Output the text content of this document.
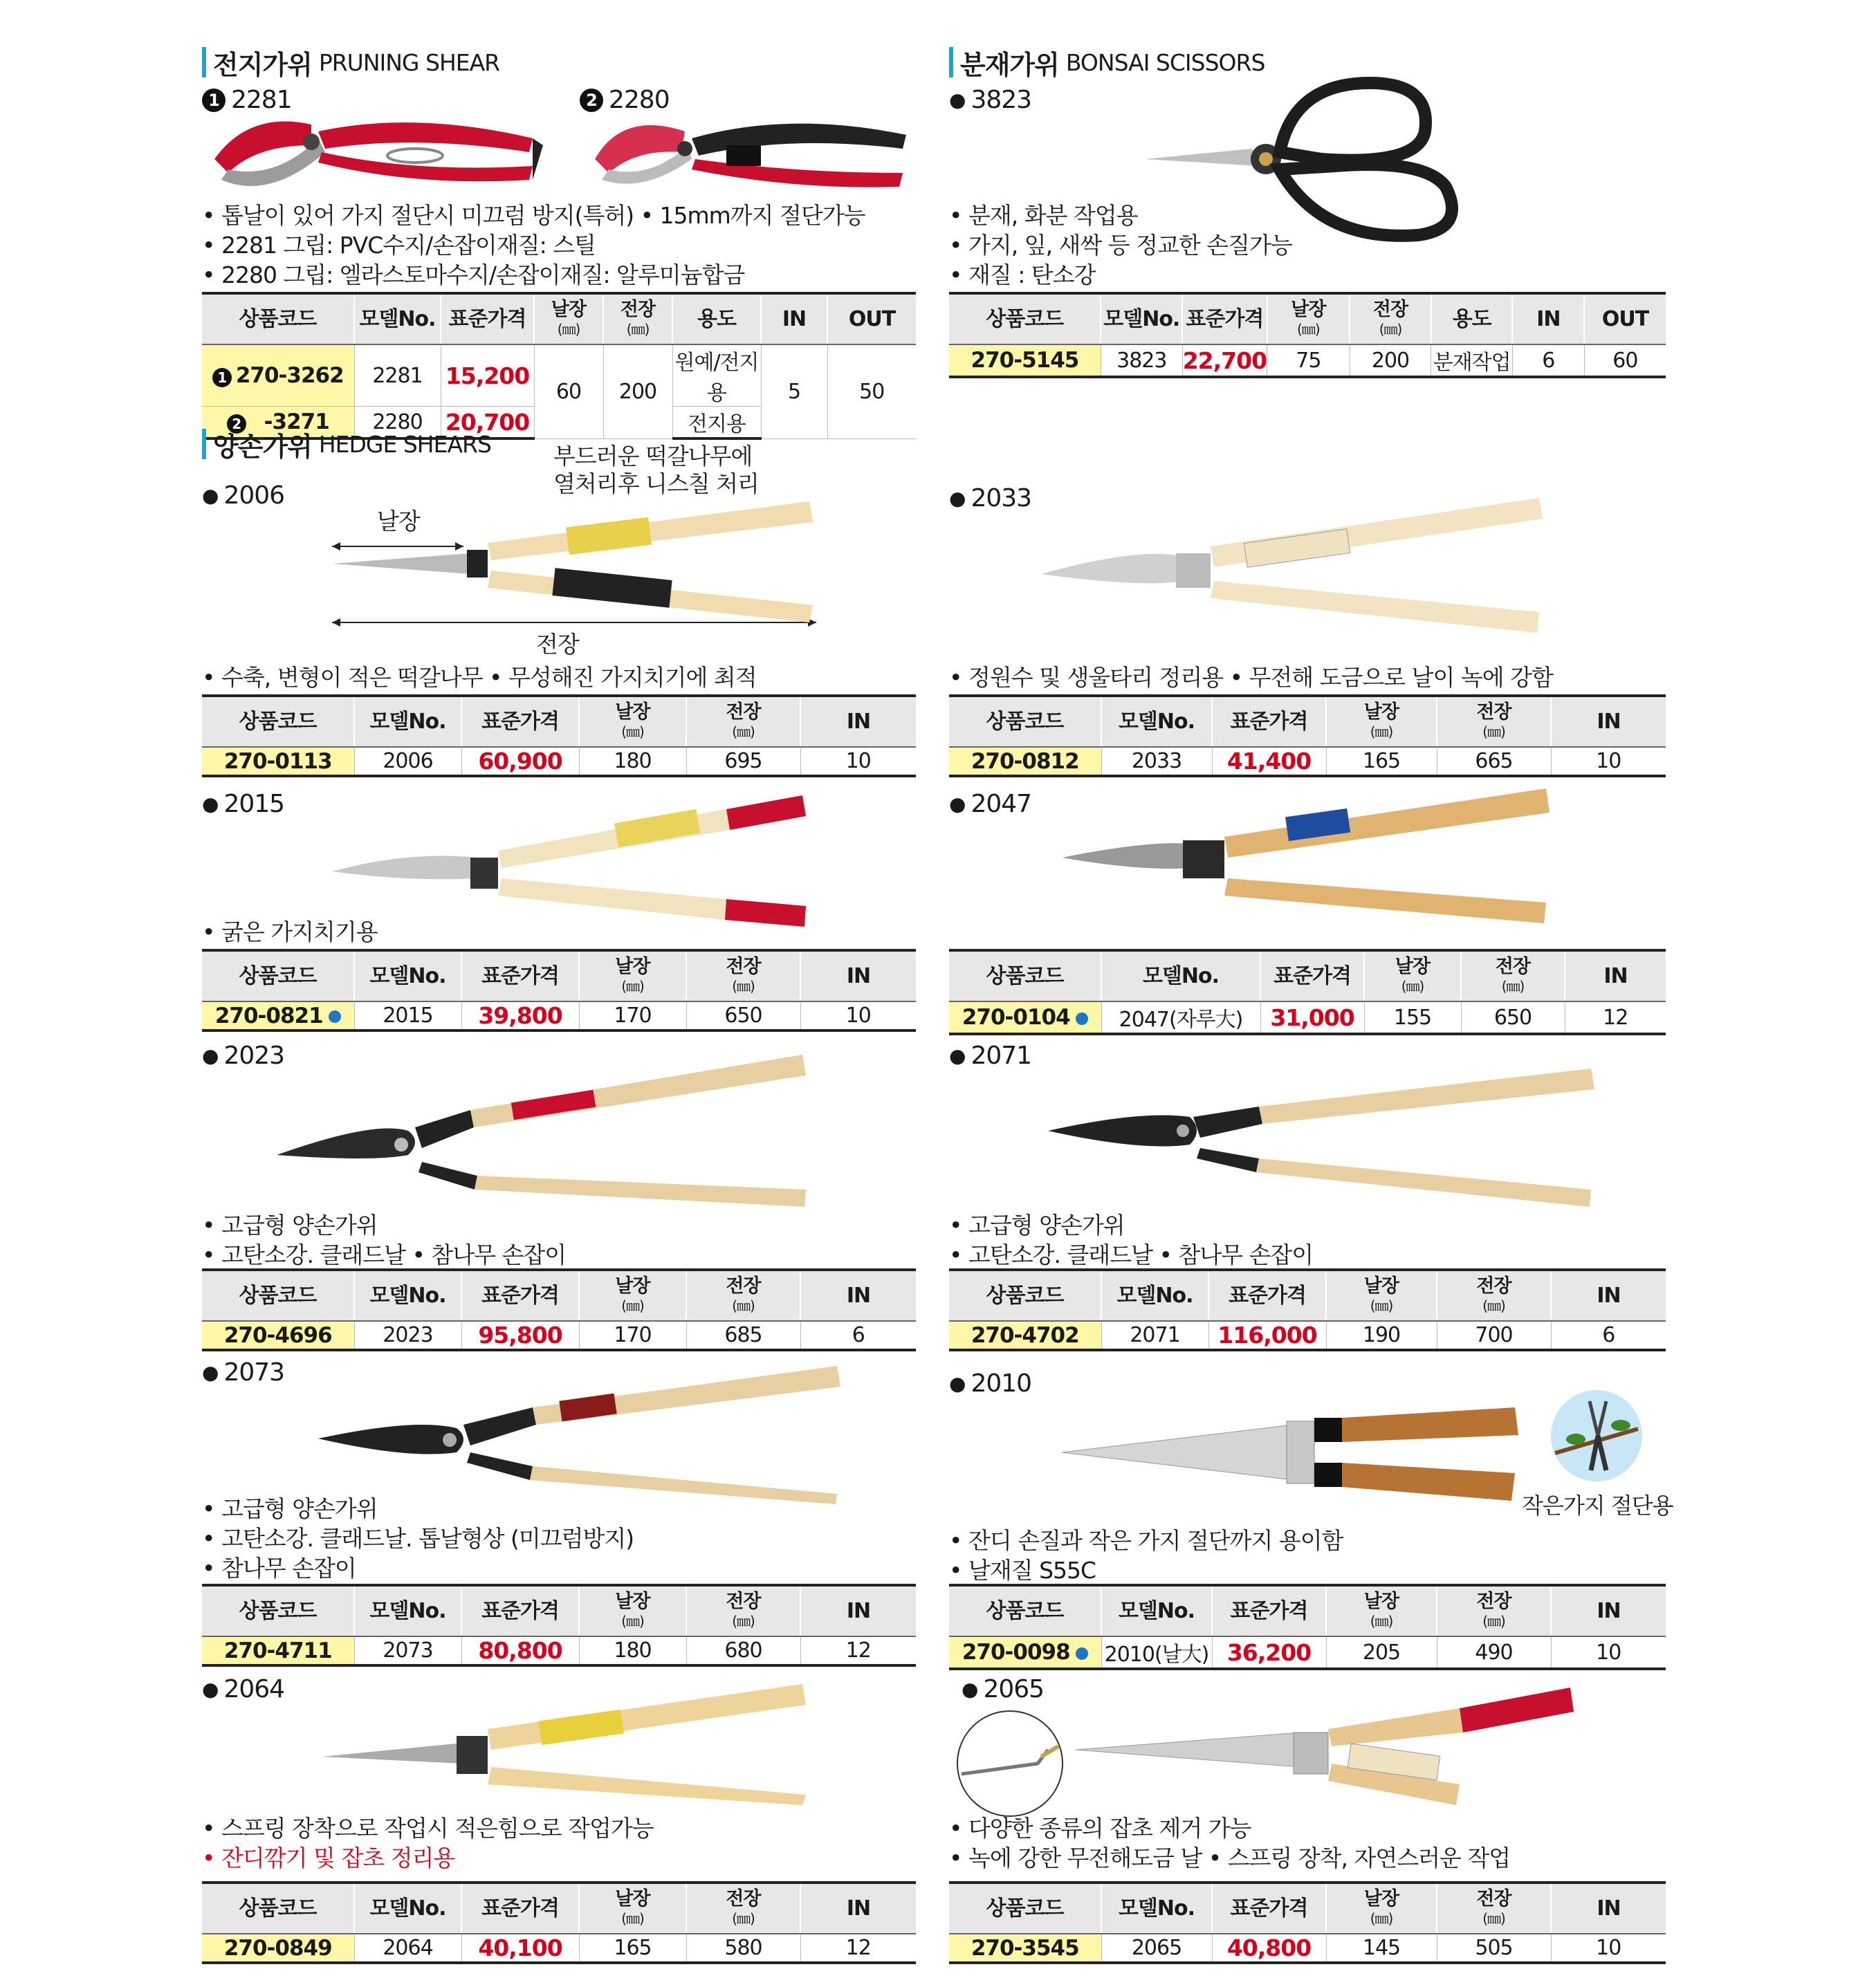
전지가위 PRUNING SHEAR
1 2281	2 2280
• 톱날이 있어 가지 절단시 미끄럼 방지(특허) • 15mm까지 절단가능
• 2281 그립: PVC수지/손잡이재질: 스틸
• 2280 그립: 엘라스토마수지/손잡이재질: 알루미늄합금
상품코드	모델No.	표준가격	날장
(㎜)	전장
(㎜)	용도	IN	OUT
1 270-3262	2281	15,200	60	200	원예/전지용	5	50
2 -3271	2280	20,700			전지용		
양손가위 HEDGE SHEARS	부드러운 떡갈나무에
열처리후 니스칠 처리
● 2006
날장
전장
• 수축, 변형이 적은 떡갈나무 • 무성해진 가지치기에 최적
상품코드	모델No.	표준가격	날장
(㎜)	전장
(㎜)	IN
270-0113	2006	60,900	180	695	10
● 2015
• 굵은 가지치기용
상품코드	모델No.	표준가격	날장
(㎜)	전장
(㎜)	IN
270-0821	2015	39,800	170	650	10
● 2023
• 고급형 양손가위
• 고탄소강. 클래드날 • 참나무 손잡이
상품코드	모델No.	표준가격	날장
(㎜)	전장
(㎜)	IN
270-4696	2023	95,800	170	685	6
● 2073
• 고급형 양손가위
• 고탄소강. 클래드날. 톱날형상 (미끄럼방지)
• 참나무 손잡이
상품코드	모델No.	표준가격	날장
(㎜)	전장
(㎜)	IN
270-4711	2073	80,800	180	680	12
● 2064
• 스프링 장착으로 작업시 적은힘으로 작업가능
• 잔디깎기 및 잡초 정리용
상품코드	모델No.	표준가격	날장
(㎜)	전장
(㎜)	IN
270-0849	2064	40,100	165	580	12
분재가위 BONSAI SCISSORS
● 3823
• 분재, 화분 작업용
• 가지, 잎, 새싹 등 정교한 손질가능
• 재질 : 탄소강
상품코드	모델No.	표준가격	날장
(㎜)	전장
(㎜)	용도	IN	OUT
270-5145	3823	22,700	75	200	분재작업	6	60
● 2033
• 정원수 및 생울타리 정리용 • 무전해 도금으로 날이 녹에 강함
상품코드	모델No.	표준가격	날장
(㎜)	전장
(㎜)	IN
270-0812	2033	41,400	165	665	10
● 2047
상품코드	모델No.	표준가격	날장
(㎜)	전장
(㎜)	IN
270-0104	2047(자루大)	31,000	155	650	12
● 2071
• 고급형 양손가위
• 고탄소강. 클래드날 • 참나무 손잡이
상품코드	모델No.	표준가격	날장
(㎜)	전장
(㎜)	IN
270-4702	2071	116,000	190	700	6
● 2010
작은가지 절단용
• 잔디 손질과 작은 가지 절단까지 용이함
• 날재질 S55C
상품코드	모델No.	표준가격	날장
(㎜)	전장
(㎜)	IN
270-0098	2010(날大)	36,200	205	490	10
● 2065
• 다양한 종류의 잡초 제거 가능
• 녹에 강한 무전해도금 날 • 스프링 장착, 자연스러운 작업
상품코드	모델No.	표준가격	날장
(㎜)	전장
(㎜)	IN
270-3545	2065	40,800	145	505	10
